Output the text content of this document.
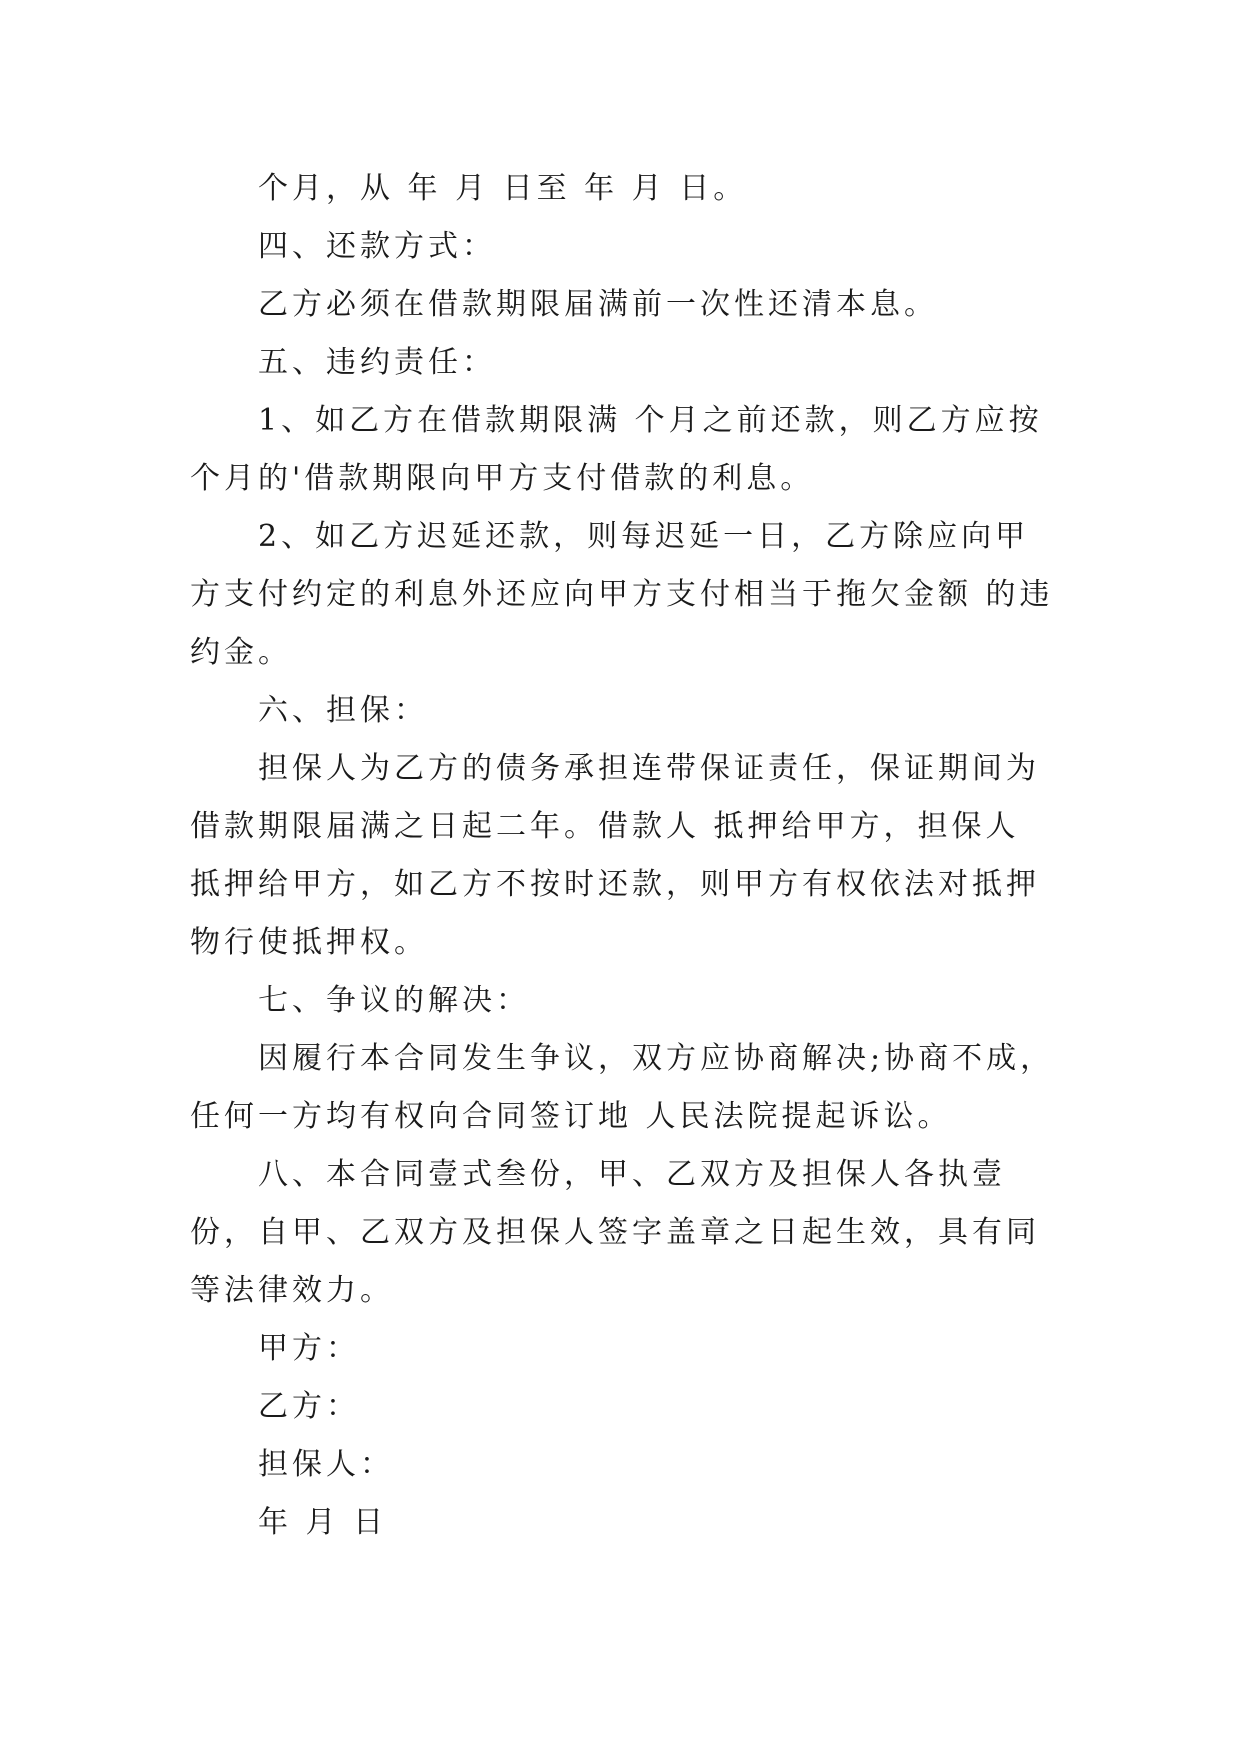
个月，从 年 月 日至 年 月 日。

四、还款方式：

乙方必须在借款期限届满前一次性还清本息。

五、违约责任：

1、如乙方在借款期限满 个月之前还款，则乙方应按个月的'借款期限向甲方支付借款的利息。

2、如乙方迟延还款，则每迟延一日，乙方除应向甲方支付约定的利息外还应向甲方支付相当于拖欠金额 的违约金。

六、担保：

担保人为乙方的债务承担连带保证责任，保证期间为借款期限届满之日起二年。借款人 抵押给甲方，担保人 抵押给甲方，如乙方不按时还款，则甲方有权依法对抵押物行使抵押权。

七、争议的解决：

因履行本合同发生争议，双方应协商解决;协商不成，任何一方均有权向合同签订地 人民法院提起诉讼。

八、本合同壹式叁份，甲、乙双方及担保人各执壹份，自甲、乙双方及担保人签字盖章之日起生效，具有同等法律效力。

甲方：

乙方：

担保人：

年 月 日
